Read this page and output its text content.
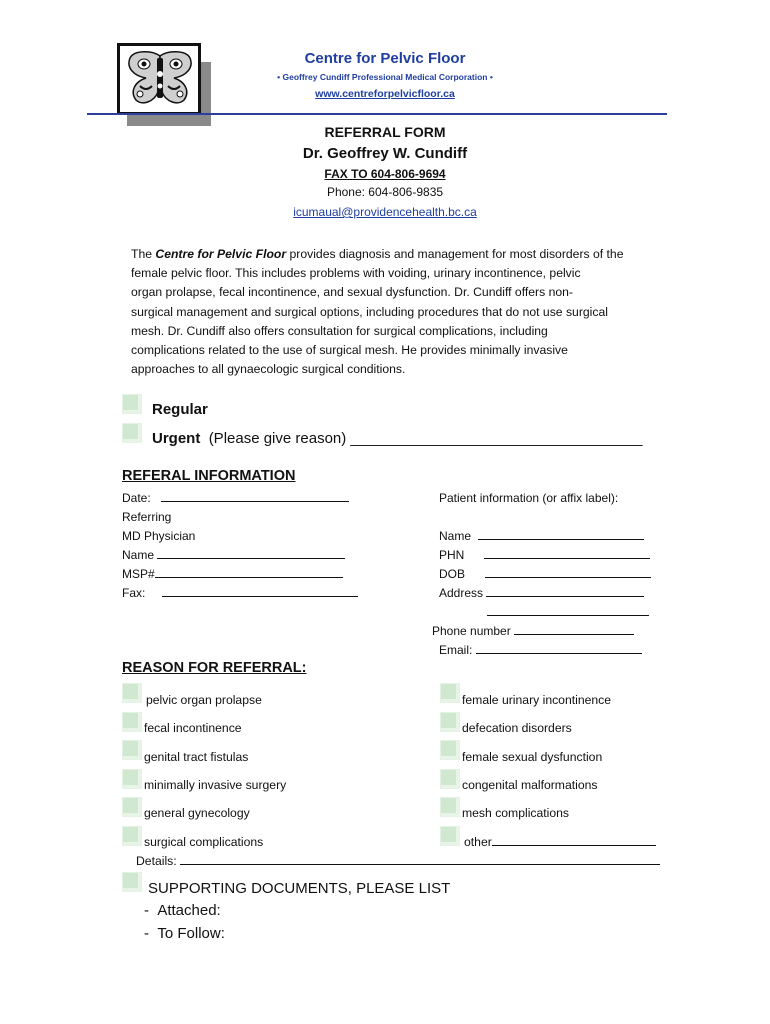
Centre for Pelvic Floor
• Geoffrey Cundiff Professional Medical Corporation •
www.centreforpelvicfloor.ca
REFERRAL FORM
Dr. Geoffrey W. Cundiff
FAX TO 604-806-9694
Phone: 604-806-9835
icumaual@providencehealth.bc.ca
The Centre for Pelvic Floor provides diagnosis and management for most disorders of the
female pelvic floor. This includes problems with voiding, urinary incontinence, pelvic
organ prolapse, fecal incontinence, and sexual dysfunction. Dr. Cundiff offers non-
surgical management and surgical options, including procedures that do not use surgical
mesh. Dr. Cundiff also offers consultation for surgical complications, including
complications related to the use of surgical mesh. He provides minimally invasive
approaches to all gynaecologic surgical conditions.
Regular
Urgent (Please give reason) ___________________________________
REFERAL INFORMATION
Date:
Referring
MD Physician
Name
MSP#
Fax:
Patient information (or affix label):
Name
PHN
DOB
Address
Phone number
Email:
REASON FOR REFERRAL:
pelvic organ prolapse
fecal incontinence
genital tract fistulas
minimally invasive surgery
general gynecology
surgical complications
female urinary incontinence
defecation disorders
female sexual dysfunction
congenital malformations
mesh complications
other
Details:
SUPPORTING DOCUMENTS, PLEASE LIST
-  Attached:
-  To Follow:
